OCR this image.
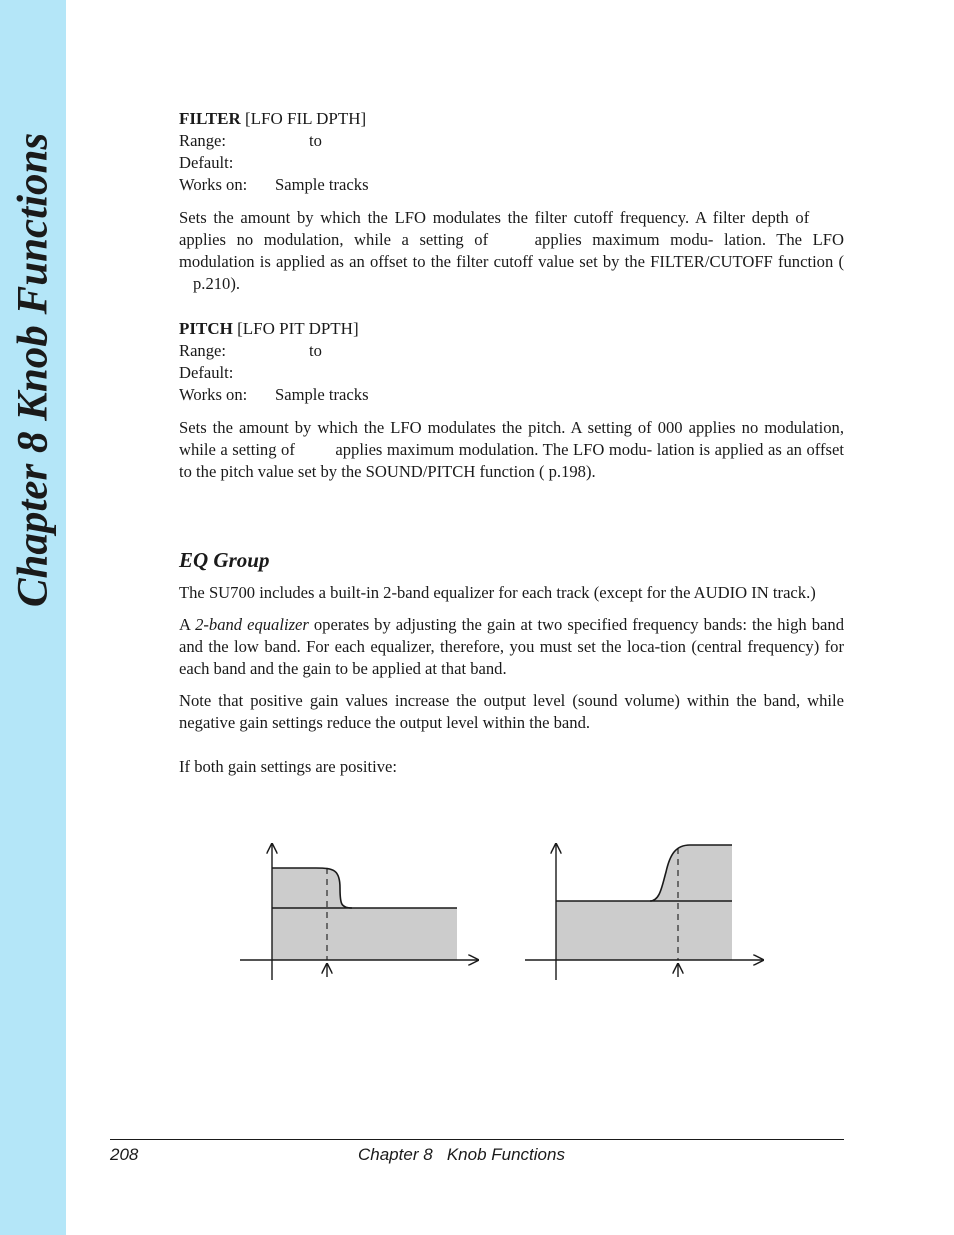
Chapter 8 Knob Functions

FILTER [LFO FIL DPTH]

Range:	to

Default:

Works on: Sample tracks

Sets the amount by which the LFO modulates the filter cutoff frequency. A filter depth of applies no modulation, while a setting of	applies maximum modu- lation. The LFO modulation is applied as an offset to the filter cutoff value set by the FILTER/CUTOFF function ( p.210).

PITCH [LFO PIT DPTH]

Range:	to

Default:

Works on: Sample tracks

Sets the amount by which the LFO modulates the pitch. A setting of 000 applies no modulation, while a setting of applies maximum modulation. The LFO modu- lation is applied as an offset to the pitch value set by the SOUND/PITCH function ( p.198).

EQ Group

The SU700 includes a built-in 2-band equalizer for each track (except for the AUDIO IN track.)

A 2-band equalizer operates by adjusting the gain at two specified frequency bands: the high band and the low band. For each equalizer, therefore, you must set the loca-tion (central frequency) for each band and the gain to be applied at that band.

Note that positive gain values increase the output level (sound volume) within the band, while negative gain settings reduce the output level within the band.

If both gain settings are positive:

208	Chapter 8   Knob Functions
